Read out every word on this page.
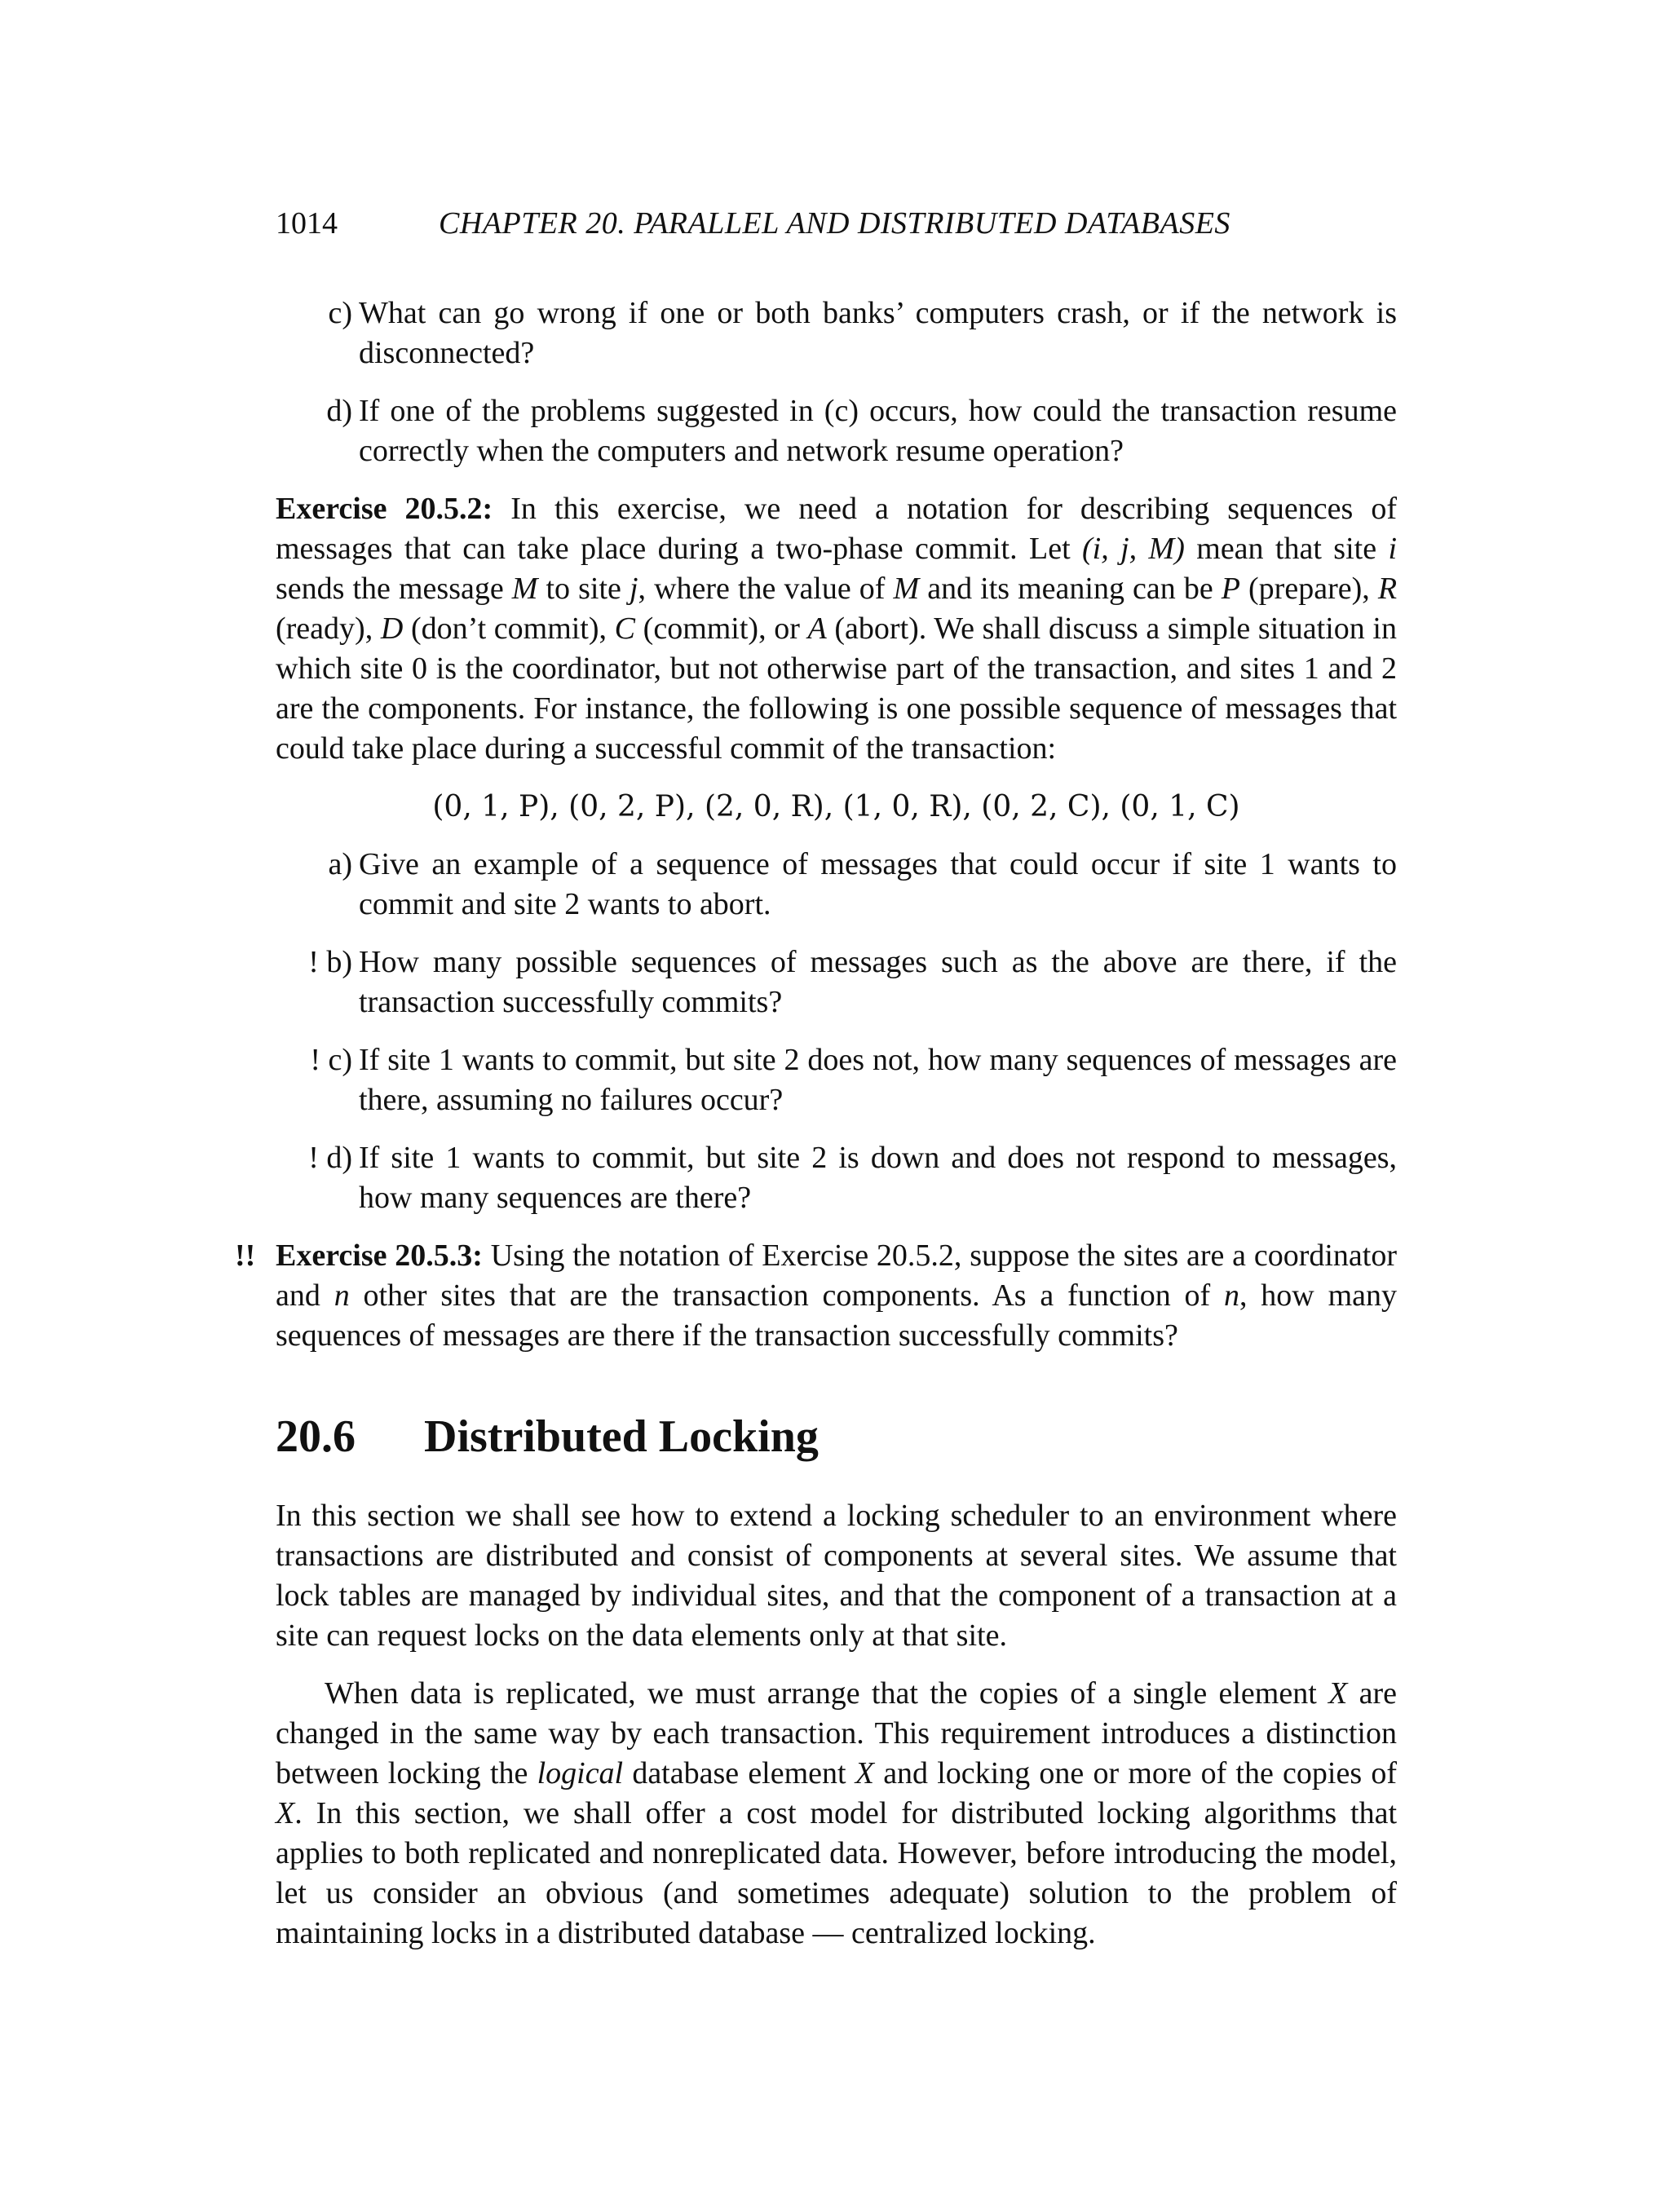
1014	CHAPTER 20. PARALLEL AND DISTRIBUTED DATABASES
c) What can go wrong if one or both banks’ computers crash, or if the network is disconnected?
d) If one of the problems suggested in (c) occurs, how could the transaction resume correctly when the computers and network resume operation?

Exercise 20.5.2: In this exercise, we need a notation for describing sequences of messages that can take place during a two-phase commit. Let (i, j, M) mean that site i sends the message M to site j, where the value of M and its meaning can be P (prepare), R (ready), D (don’t commit), C (commit), or A (abort). We shall discuss a simple situation in which site 0 is the coordinator, but not otherwise part of the transaction, and sites 1 and 2 are the components. For instance, the following is one possible sequence of messages that could take place during a successful commit of the transaction:

(0, 1, P), (0, 2, P), (2, 0, R), (1, 0, R), (0, 2, C), (0, 1, C)
a) Give an example of a sequence of messages that could occur if site 1 wants to commit and site 2 wants to abort.
! b) How many possible sequences of messages such as the above are there, if the transaction successfully commits?
! c) If site 1 wants to commit, but site 2 does not, how many sequences of messages are there, assuming no failures occur?
! d) If site 1 wants to commit, but site 2 is down and does not respond to messages, how many sequences are there?

!! Exercise 20.5.3: Using the notation of Exercise 20.5.2, suppose the sites are a coordinator and n other sites that are the transaction components. As a function of n, how many sequences of messages are there if the transaction successfully commits?

20.6 Distributed Locking

In this section we shall see how to extend a locking scheduler to an environment where transactions are distributed and consist of components at several sites. We assume that lock tables are managed by individual sites, and that the component of a transaction at a site can request locks on the data elements only at that site.

When data is replicated, we must arrange that the copies of a single element X are changed in the same way by each transaction. This requirement introduces a distinction between locking the logical database element X and locking one or more of the copies of X. In this section, we shall offer a cost model for distributed locking algorithms that applies to both replicated and nonreplicated data. However, before introducing the model, let us consider an obvious (and sometimes adequate) solution to the problem of maintaining locks in a distributed database — centralized locking.
